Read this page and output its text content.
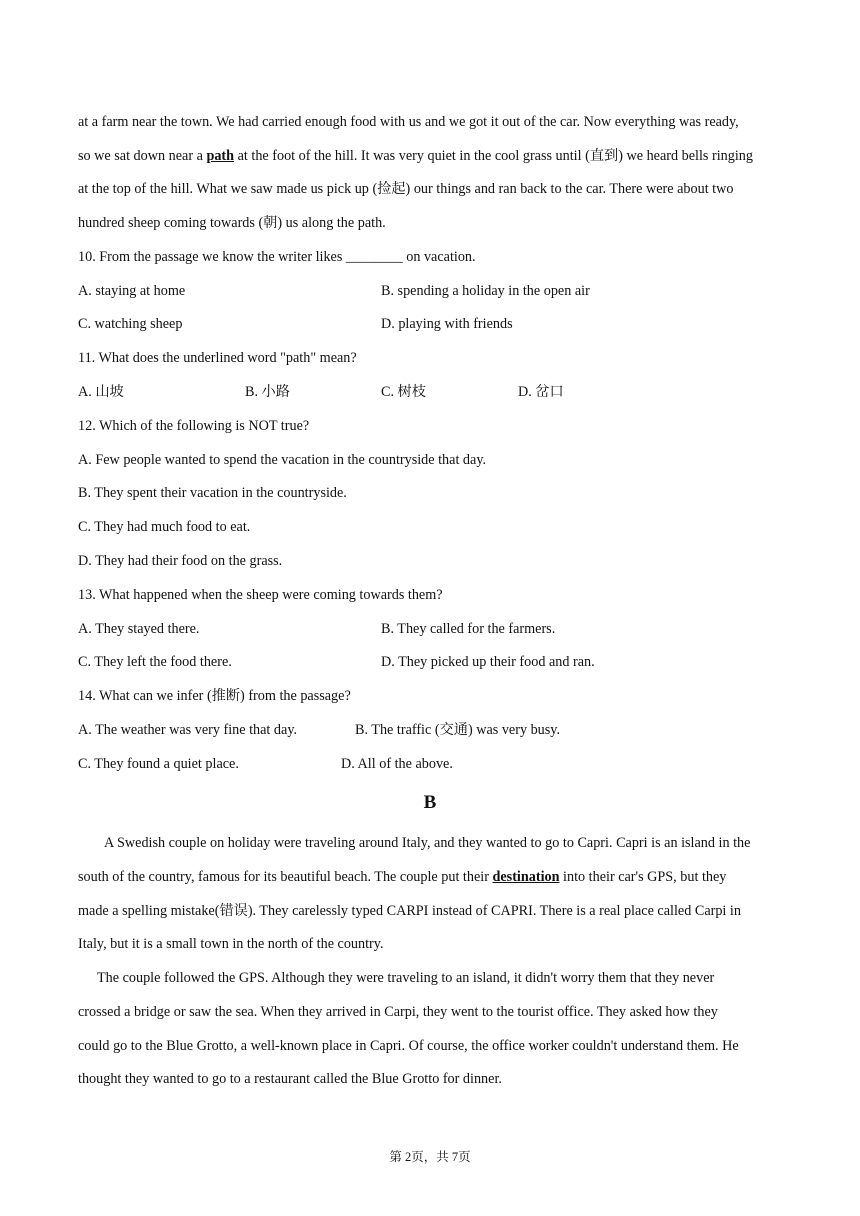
at a farm near the town. We had carried enough food with us and we got it out of the car. Now everything was ready,
so we sat down near a path at the foot of the hill. It was very quiet in the cool grass until (直到) we heard bells ringing
at the top of the hill. What we saw made us pick up (捡起) our things and ran back to the car. There were about two
hundred sheep coming towards (朝) us along the path.
10. From the passage we know the writer likes ________ on vacation.
A. staying at home	B. spending a holiday in the open air
C. watching sheep	D. playing with friends
11. What does the underlined word "path" mean?
A. 山坡	B. 小路	C. 树枝	D. 岔口
12. Which of the following is NOT true?
A. Few people wanted to spend the vacation in the countryside that day.
B. They spent their vacation in the countryside.
C. They had much food to eat.
D. They had their food on the grass.
13. What happened when the sheep were coming towards them?
A. They stayed there.	B. They called for the farmers.
C. They left the food there.	D. They picked up their food and ran.
14. What can we infer (推断) from the passage?
A. The weather was very fine that day.	B. The traffic (交通) was very busy.
C. They found a quiet place.	D. All of the above.
B
A Swedish couple on holiday were traveling around Italy, and they wanted to go to Capri. Capri is an island in the
south of the country, famous for its beautiful beach. The couple put their destination into their car's GPS, but they
made a spelling mistake(错误). They carelessly typed CARPI instead of CAPRI. There is a real place called Carpi in
Italy, but it is a small town in the north of the country.
The couple followed the GPS. Although they were traveling to an island, it didn't worry them that they never
crossed a bridge or saw the sea. When they arrived in Carpi, they went to the tourist office. They asked how they
could go to the Blue Grotto, a well-known place in Capri. Of course, the office worker couldn't understand them. He
thought they wanted to go to a restaurant called the Blue Grotto for dinner.
第 2页，共 7页
